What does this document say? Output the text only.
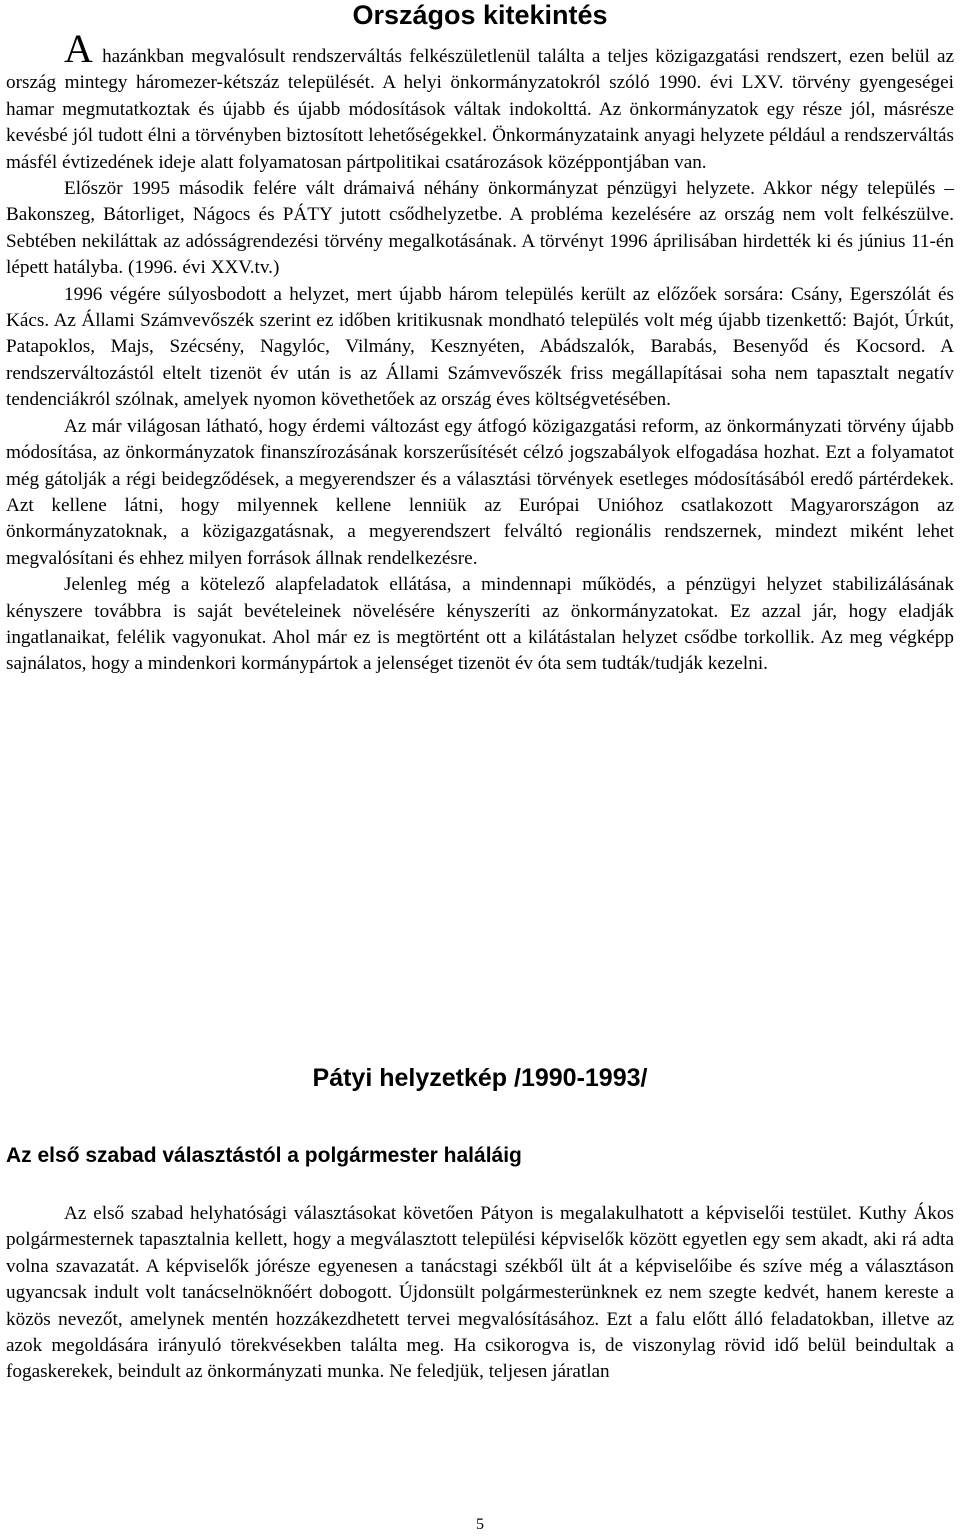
Országos kitekintés

A hazánkban megvalósult rendszerváltás felkészületlenül találta a teljes közigazgatási rendszert, ezen belül az ország mintegy háromezer-kétszáz települését. A helyi önkormányzatokról szóló 1990. évi LXV. törvény gyengeségei hamar megmutatkoztak és újabb és újabb módosítások váltak indokolttá. Az önkormányzatok egy része jól, másrésze kevésbé jól tudott élni a törvényben biztosított lehetőségekkel. Önkormányzataink anyagi helyzete például a rendszerváltás másfél évtizedének ideje alatt folyamatosan pártpolitikai csatározások középpontjában van.

Először 1995 második felére vált drámaivá néhány önkormányzat pénzügyi helyzete. Akkor négy település – Bakonszeg, Bátorliget, Nágocs és PÁTY jutott csődhelyzetbe. A probléma kezelésére az ország nem volt felkészülve. Sebtében nekiláttak az adósságrendezési törvény megalkotásának. A törvényt 1996 áprilisában hirdették ki és június 11-én lépett hatályba. (1996. évi XXV.tv.)

1996 végére súlyosbodott a helyzet, mert újabb három település került az előzőek sorsára: Csány, Egerszólát és Kács. Az Állami Számvevőszék szerint ez időben kritikusnak mondható település volt még újabb tizenkettő: Bajót, Úrkút, Patapoklos, Majs, Szécsény, Nagylóc, Vilmány, Kesznyéten, Abádszalók, Barabás, Besenyőd és Kocsord. A rendszerváltozástól eltelt tizenöt év után is az Állami Számvevőszék friss megállapításai soha nem tapasztalt negatív tendenciákról szólnak, amelyek nyomon követhetőek az ország éves költségvetésében.

Az már világosan látható, hogy érdemi változást egy átfogó közigazgatási reform, az önkormányzati törvény újabb módosítása, az önkormányzatok finanszírozásának korszerűsítését célzó jogszabályok elfogadása hozhat. Ezt a folyamatot még gátolják a régi beidegződések, a megyerendszer és a választási törvények esetleges módosításából eredő pártérdekek. Azt kellene látni, hogy milyennek kellene lenniük az Európai Unióhoz csatlakozott Magyarországon az önkormányzatoknak, a közigazgatásnak, a megyerendszert felváltó regionális rendszernek, mindezt miként lehet megvalósítani és ehhez milyen források állnak rendelkezésre.

Jelenleg még a kötelező alapfeladatok ellátása, a mindennapi működés, a pénzügyi helyzet stabilizálásának kényszere továbbra is saját bevételeinek növelésére kényszeríti az önkormányzatokat. Ez azzal jár, hogy eladják ingatlanaikat, felélik vagyonukat. Ahol már ez is megtörtént ott a kilátástalan helyzet csődbe torkollik. Az meg végképp sajnálatos, hogy a mindenkori kormánypártok a jelenséget tizenöt év óta sem tudták/tudják kezelni.

Pátyi helyzetkép /1990-1993/
Az első szabad választástól a polgármester haláláig

Az első szabad helyhatósági választásokat követően Pátyon is megalakulhatott a képviselői testület. Kuthy Ákos polgármesternek tapasztalnia kellett, hogy a megválasztott települési képviselők között egyetlen egy sem akadt, aki rá adta volna szavazatát. A képviselők jórésze egyenesen a tanácstagi székből ült át a képviselőibe és szíve még a választáson ugyancsak indult volt tanácselnöknőért dobogott. Újdonsült polgármesterünknek ez nem szegte kedvét, hanem kereste a közös nevezőt, amelynek mentén hozzákezdhetett tervei megvalósításához. Ezt a falu előtt álló feladatokban, illetve az azok megoldására irányuló törekvésekben találta meg. Ha csikorogva is, de viszonylag rövid idő belül beindultak a fogaskerekek, beindult az önkormányzati munka. Ne feledjük, teljesen járatlan

5
